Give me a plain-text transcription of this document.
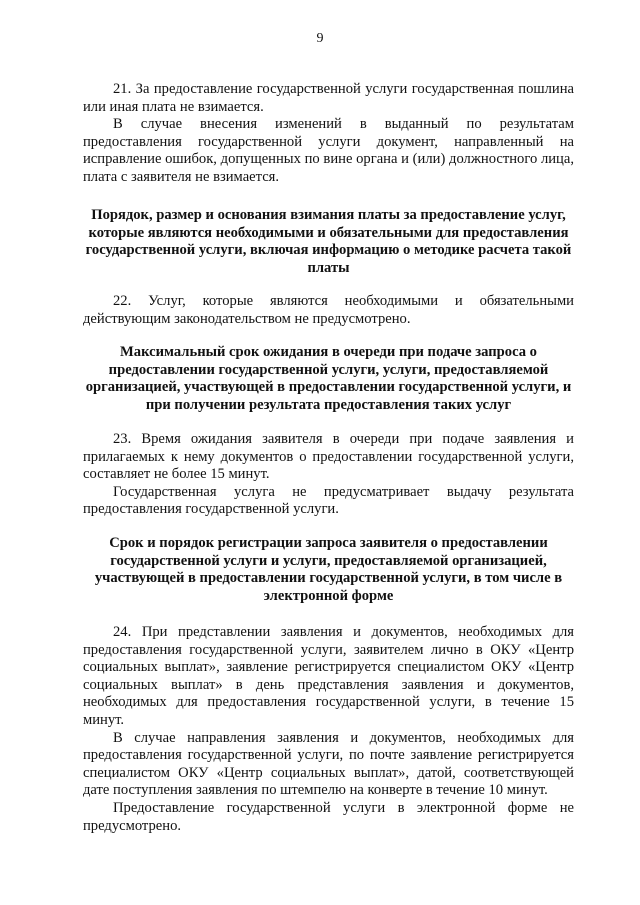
9

21. За предоставление государственной услуги государственная пошлина или иная плата не взимается.

В случае внесения изменений в выданный по результатам предоставления государственной услуги документ, направленный на исправление ошибок, допущенных по вине органа и (или) должностного лица, плата с заявителя не взимается.

Порядок, размер и основания взимания платы за предоставление услуг, которые являются необходимыми и обязательными для предоставления государственной услуги, включая информацию о методике расчета такой платы

22. Услуг, которые являются необходимыми и обязательными действующим законодательством не предусмотрено.

Максимальный срок ожидания в очереди при подаче запроса о предоставлении государственной услуги, услуги, предоставляемой организацией, участвующей в предоставлении государственной услуги, и при получении результата предоставления таких услуг

23. Время ожидания заявителя в очереди при подаче заявления и прилагаемых к нему документов о предоставлении государственной услуги, составляет не более 15 минут.

Государственная услуга не предусматривает выдачу результата предоставления государственной услуги.

Срок и порядок регистрации запроса заявителя о предоставлении государственной услуги и услуги, предоставляемой организацией, участвующей в предоставлении государственной услуги, в том числе в электронной форме

24. При представлении заявления и документов, необходимых для предоставления государственной услуги, заявителем лично в ОКУ «Центр социальных выплат», заявление регистрируется специалистом ОКУ «Центр социальных выплат» в день представления заявления и документов, необходимых для предоставления государственной услуги, в течение 15 минут.

В случае направления заявления и документов, необходимых для предоставления государственной услуги, по почте заявление регистрируется специалистом ОКУ «Центр социальных выплат», датой, соответствующей дате поступления заявления по штемпелю на конверте в течение 10 минут.

Предоставление государственной услуги в электронной форме не предусмотрено.
